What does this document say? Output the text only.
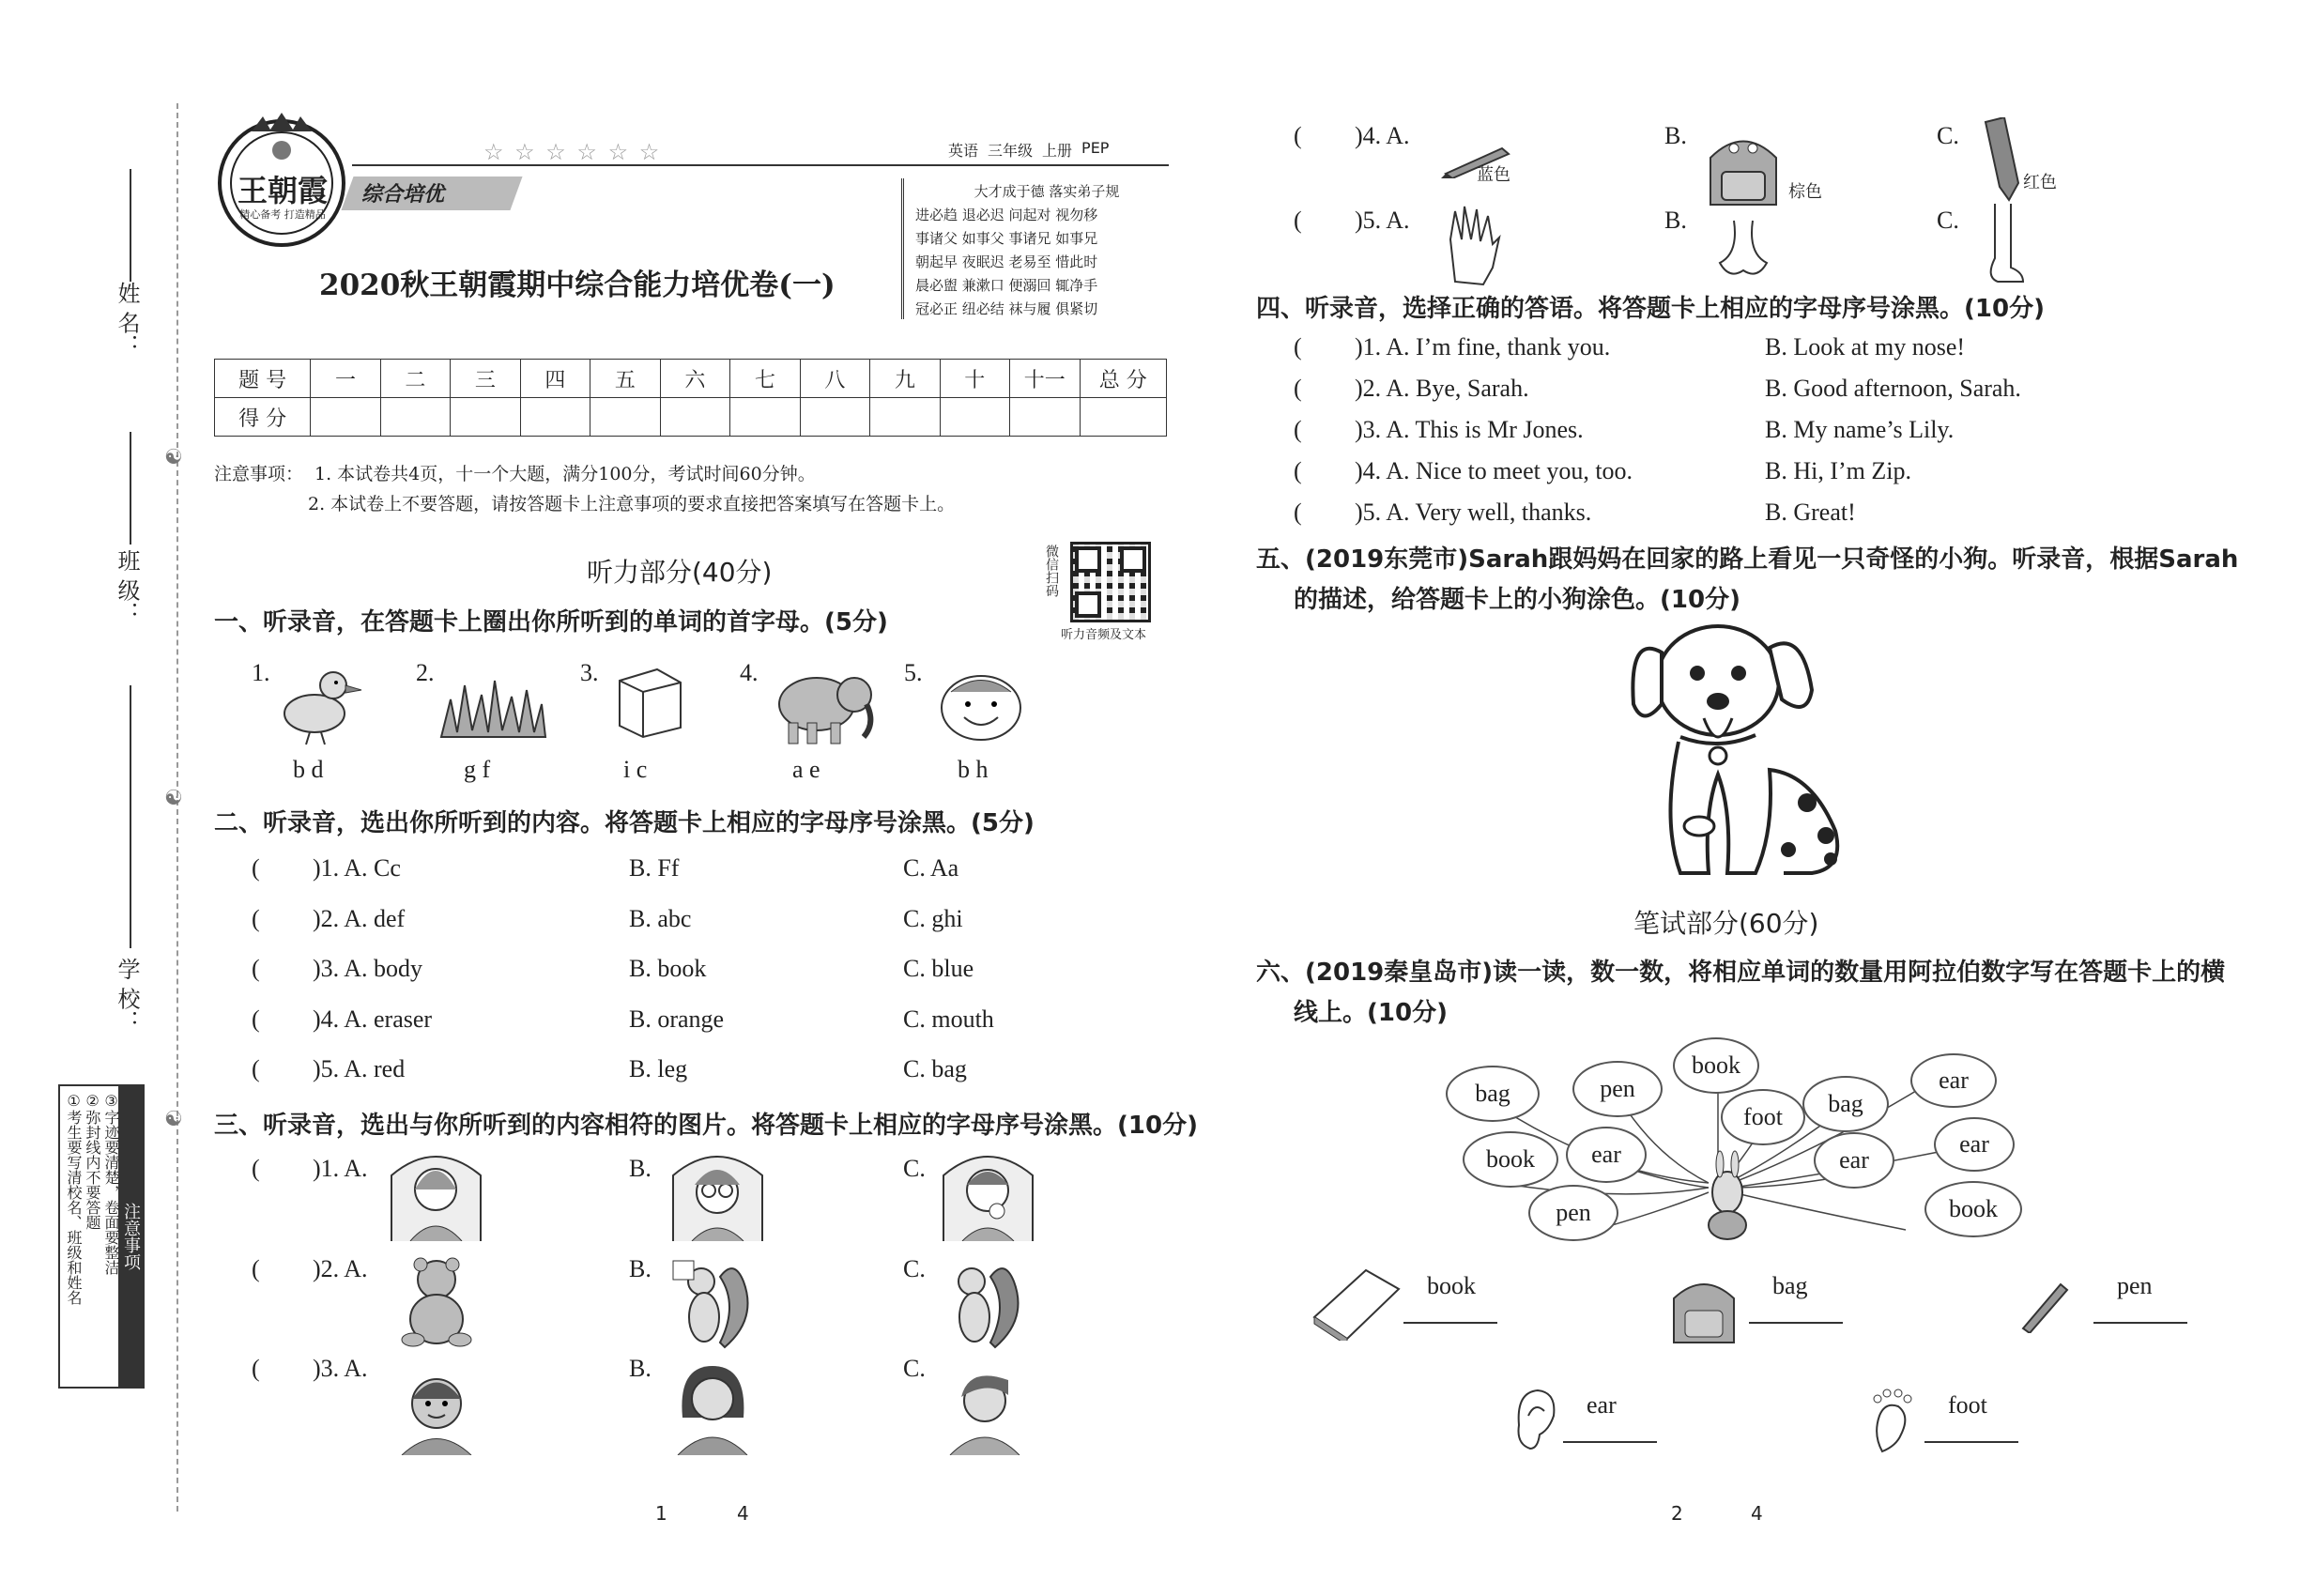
姓 名：
班 级：
学 校：
☯
☯
☯
注意事项
①考生要写清校名、班级和姓名 ②弥封线内不要答题 ③字迹要清楚，卷面要整洁
王朝霞
精心备考 打造精品
☆ ☆ ☆ ☆ ☆ ☆	英语 三年级 上册 PEP
综合培优
2020秋王朝霞期中综合能力培优卷(一)
大才成于德 落实弟子规
进必趋 退必迟 问起对 视勿移
事诸父 如事父 事诸兄 如事兄
朝起早 夜眠迟 老易至 惜此时
晨必盥 兼漱口 便溺回 辄净手
冠必正 纽必结 袜与履 俱紧切
题 号	一	二	三	四	五	六	七	八	九	十	十一	总 分
得 分												
注意事项： 1. 本试卷共4页，十一个大题，满分100分，考试时间60分钟。
2. 本试卷上不要答题，请按答题卡上注意事项的要求直接把答案填写在答题卡上。
微信扫码
听力音频及文本
听力部分(40分)
一、听录音，在答题卡上圈出你所听到的单词的首字母。(5分)
1.
b d
2.
g f
3.
i c
4.
a e
5.
b h
二、听录音，选出你所听到的内容。将答题卡上相应的字母序号涂黑。(5分)
( )1. A. Cc	B. Ff	C. Aa
( )2. A. def	B. abc	C. ghi
( )3. A. body	B. book	C. blue
( )4. A. eraser	B. orange	C. mouth
( )5. A. red	B. leg	C. bag
三、听录音，选出与你所听到的内容相符的图片。将答题卡上相应的字母序号涂黑。(10分)
( )1. A.	B.	C.
( )2. A.	B.	C.
( )3. A.	B.	C.
1	4
( )4. A.
蓝色
B.
棕色
C.
红色
( )5. A.	B.	C.
四、听录音，选择正确的答语。将答题卡上相应的字母序号涂黑。(10分)
( )1. A. I’m fine, thank you.	B. Look at my nose!
( )2. A. Bye, Sarah.	B. Good afternoon, Sarah.
( )3. A. This is Mr Jones.	B. My name’s Lily.
( )4. A. Nice to meet you, too.	B. Hi, I’m Zip.
( )5. A. Very well, thanks.	B. Great!
五、(2019东莞市)Sarah跟妈妈在回家的路上看见一只奇怪的小狗。听录音，根据Sarah
的描述，给答题卡上的小狗涂色。(10分)
笔试部分(60分)
六、(2019秦皇岛市)读一读，数一数，将相应单词的数量用阿拉伯数字写在答题卡上的横
线上。(10分)
bag	pen
book
foot	bag
ear
book	ear	ear
ear
pen	book
book	bag	pen
ear	foot
2	4
